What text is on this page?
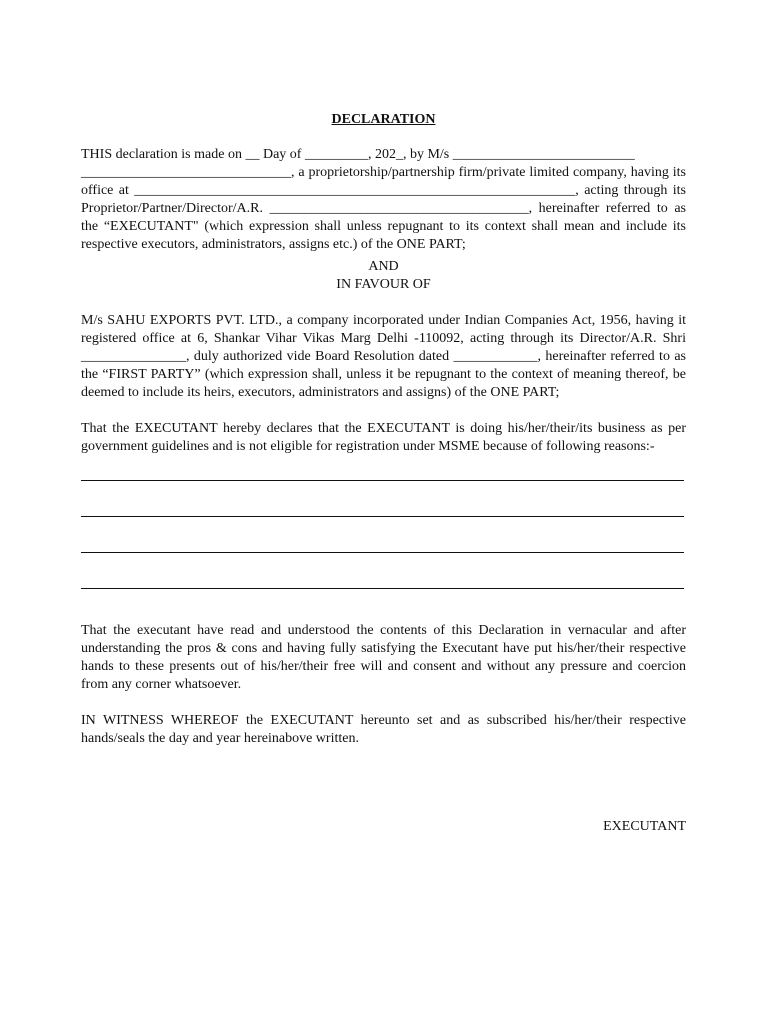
DECLARATION

THIS declaration is made on __ Day of _________, 202_, by M/s __________________________

______________________________, a proprietorship/partnership firm/private limited company, having its office at _______________________________________________________________, acting through its Proprietor/Partner/Director/A.R. _____________________________________, hereinafter referred to as the “EXECUTANT" (which expression shall unless repugnant to its context shall mean and include its respective executors, administrators, assigns etc.) of the ONE PART;

AND

IN FAVOUR OF

M/s SAHU EXPORTS PVT. LTD., a company incorporated under Indian Companies Act, 1956, having it registered office at 6, Shankar Vihar Vikas Marg Delhi -110092, acting through its Director/A.R. Shri _______________, duly authorized vide Board Resolution dated ____________, hereinafter referred to as the “FIRST PARTY” (which expression shall, unless it be repugnant to the context of meaning thereof, be deemed to include its heirs, executors, administrators and assigns) of the ONE PART;

That the EXECUTANT hereby declares that the EXECUTANT is doing his/her/their/its business as per government guidelines and is not eligible for registration under MSME because of following reasons:-

That the executant have read and understood the contents of this Declaration in vernacular and after understanding the pros & cons and having fully satisfying the Executant have put his/her/their respective hands to these presents out of his/her/their free will and consent and without any pressure and coercion from any corner whatsoever.

IN WITNESS WHEREOF the EXECUTANT hereunto set and as subscribed his/her/their respective hands/seals the day and year hereinabove written.

EXECUTANT
